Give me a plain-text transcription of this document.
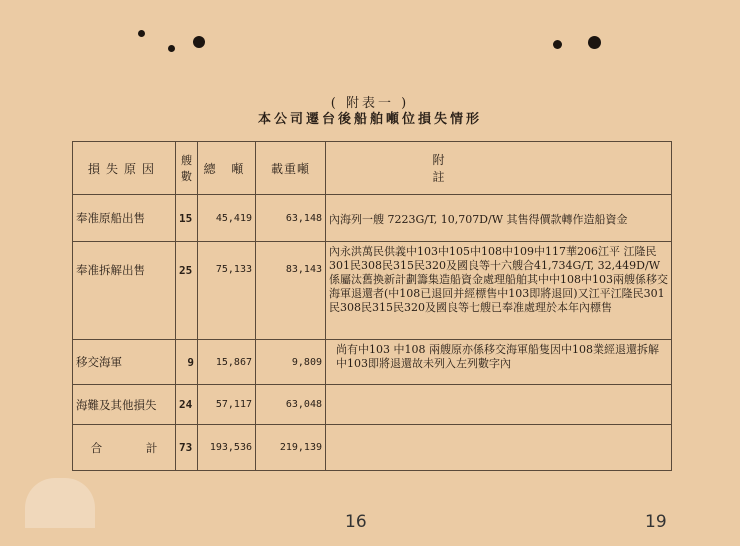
( 附表一 )
本公司遷台後船舶噸位損失情形
損失原因	艘數	總 噸	載重噸	附 註
奉准原船出售	15	45,419	63,148	內海列一艘 7223G/T, 10,707D/W 其售得價款轉作造船資金
奉准拆解出售	25	75,133	83,143	內永洪萬民供義中103中105中108中109中117華206江平 江隆民301民308民315民320及國良等十六艘合41,734G/T, 32,449D/W係屬汰舊換新計劃籌集造船資金處理船舶其中中108中103兩艘係移交海軍退還者(中108已退回并經標售中103即將退回)又江平江隆民301民308民315民320及國良等七艘已奉准處理於本年內標售
移交海軍	9	15,867	9,809	尚有中103 中108 兩艘原亦係移交海軍船隻因中108業經退還拆解中103即將退還故未列入左列數字內
海難及其他損失	24	57,117	63,048	
合 計	73	193,536	219,139	
16	19
